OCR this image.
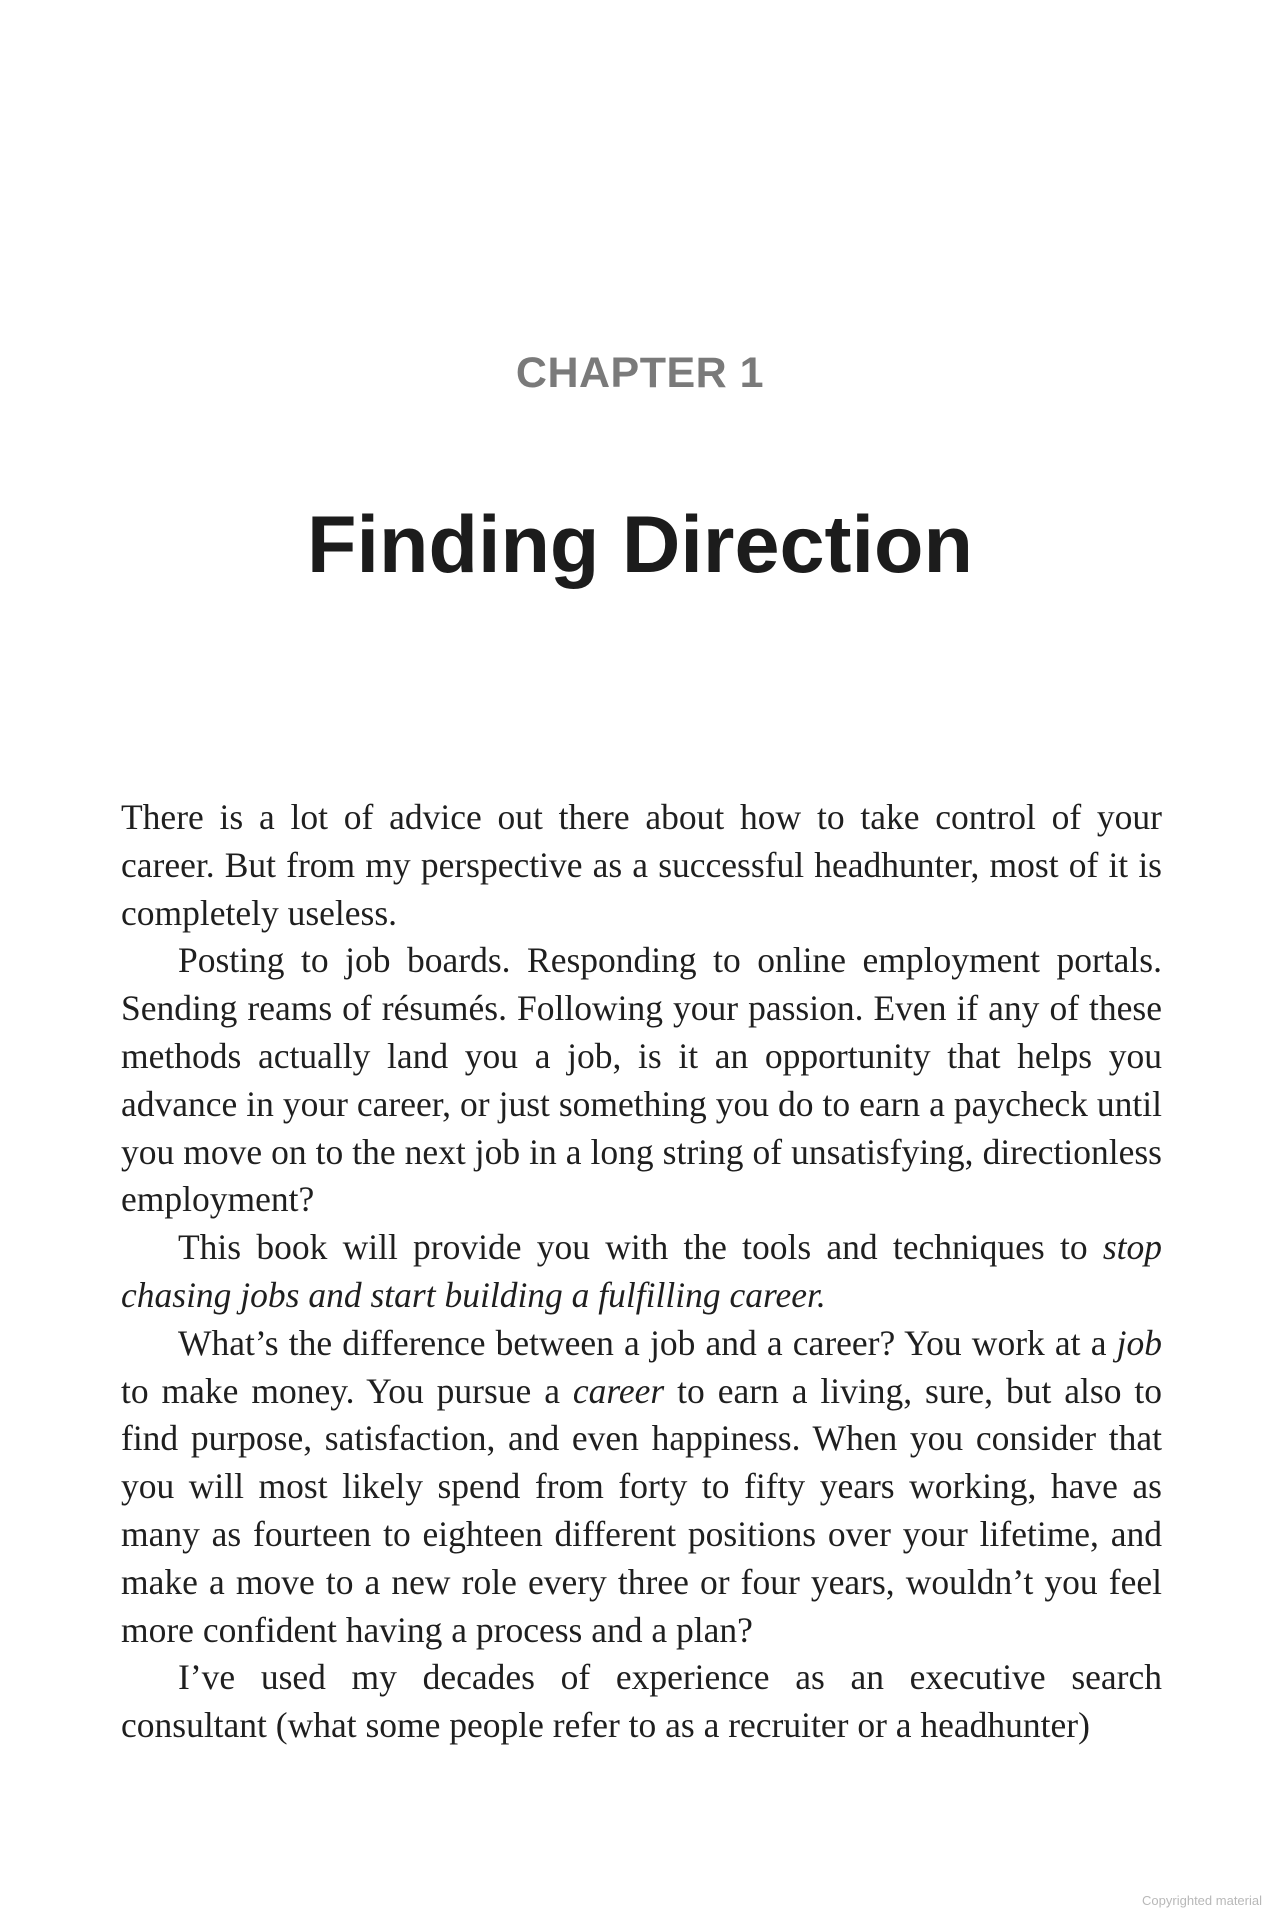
CHAPTER 1
Finding Direction

There is a lot of advice out there about how to take control of your career. But from my perspective as a successful headhunter, most of it is completely useless.

Posting to job boards. Responding to online employment portals. Sending reams of résumés. Following your passion. Even if any of these methods actually land you a job, is it an opportunity that helps you advance in your career, or just something you do to earn a paycheck until you move on to the next job in a long string of unsatisfying, directionless employment?

This book will provide you with the tools and techniques to stop chasing jobs and start building a fulfilling career.

What’s the difference between a job and a career? You work at a job to make money. You pursue a career to earn a living, sure, but also to find purpose, satisfaction, and even happiness. When you consider that you will most likely spend from forty to fifty years working, have as many as fourteen to eighteen different positions over your lifetime, and make a move to a new role every three or four years, wouldn’t you feel more confident having a process and a plan?

I’ve used my decades of experience as an executive search consultant (what some people refer to as a recruiter or a headhunter)

Copyrighted material
